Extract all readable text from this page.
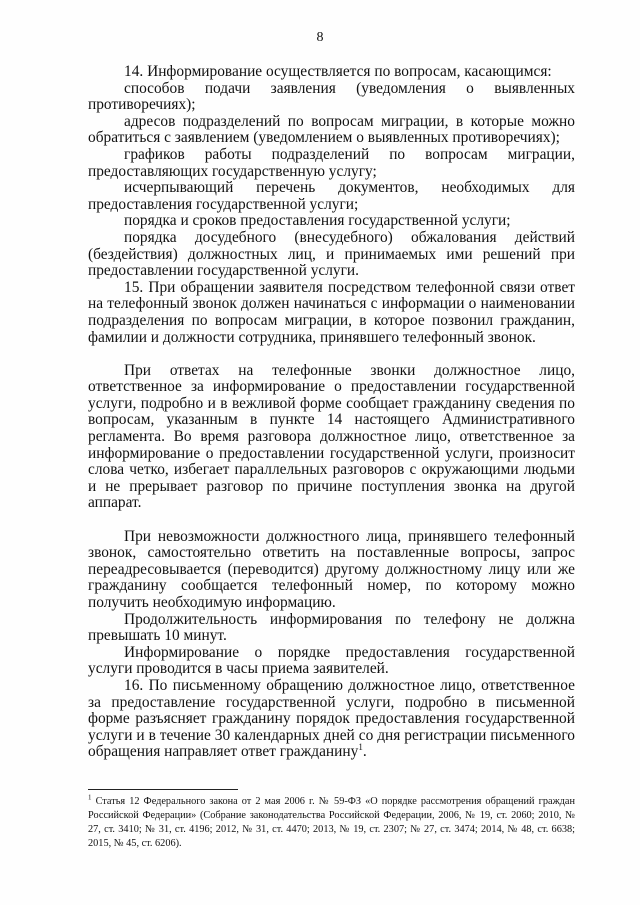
8

14. Информирование осуществляется по вопросам, касающимся:

способов подачи заявления (уведомления о выявленных противоречиях);

адресов подразделений по вопросам миграции, в которые можно обратиться с заявлением (уведомлением о выявленных противоречиях);

графиков работы подразделений по вопросам миграции, предоставляющих государственную услугу;

исчерпывающий перечень документов, необходимых для предоставления государственной услуги;

порядка и сроков предоставления государственной услуги;

порядка досудебного (внесудебного) обжалования действий (бездействия) должностных лиц, и принимаемых ими решений при предоставлении государственной услуги.

15. При обращении заявителя посредством телефонной связи ответ на телефонный звонок должен начинаться с информации о наименовании подразделения по вопросам миграции, в которое позвонил гражданин, фамилии и должности сотрудника, принявшего телефонный звонок.

При ответах на телефонные звонки должностное лицо, ответственное за информирование о предоставлении государственной услуги, подробно и в вежливой форме сообщает гражданину сведения по вопросам, указанным в пункте 14 настоящего Административного регламента. Во время разговора должностное лицо, ответственное за информирование о предоставлении государственной услуги, произносит слова четко, избегает параллельных разговоров с окружающими людьми и не прерывает разговор по причине поступления звонка на другой аппарат.

При невозможности должностного лица, принявшего телефонный звонок, самостоятельно ответить на поставленные вопросы, запрос переадресовывается (переводится) другому должностному лицу или же гражданину сообщается телефонный номер, по которому можно получить необходимую информацию.

Продолжительность информирования по телефону не должна превышать 10 минут.

Информирование о порядке предоставления государственной услуги проводится в часы приема заявителей.

16. По письменному обращению должностное лицо, ответственное за предоставление государственной услуги, подробно в письменной форме разъясняет гражданину порядок предоставления государственной услуги и в течение 30 календарных дней со дня регистрации письменного обращения направляет ответ гражданину$^1$.

$^1$ Статья 12 Федерального закона от 2 мая 2006 г. № 59-ФЗ «О порядке рассмотрения обращений граждан Российской Федерации» (Собрание законодательства Российской Федерации, 2006, № 19, ст. 2060; 2010, № 27, ст. 3410; № 31, ст. 4196; 2012, № 31, ст. 4470; 2013, № 19, ст. 2307; № 27, ст. 3474; 2014, № 48, ст. 6638; 2015, № 45, ст. 6206).
